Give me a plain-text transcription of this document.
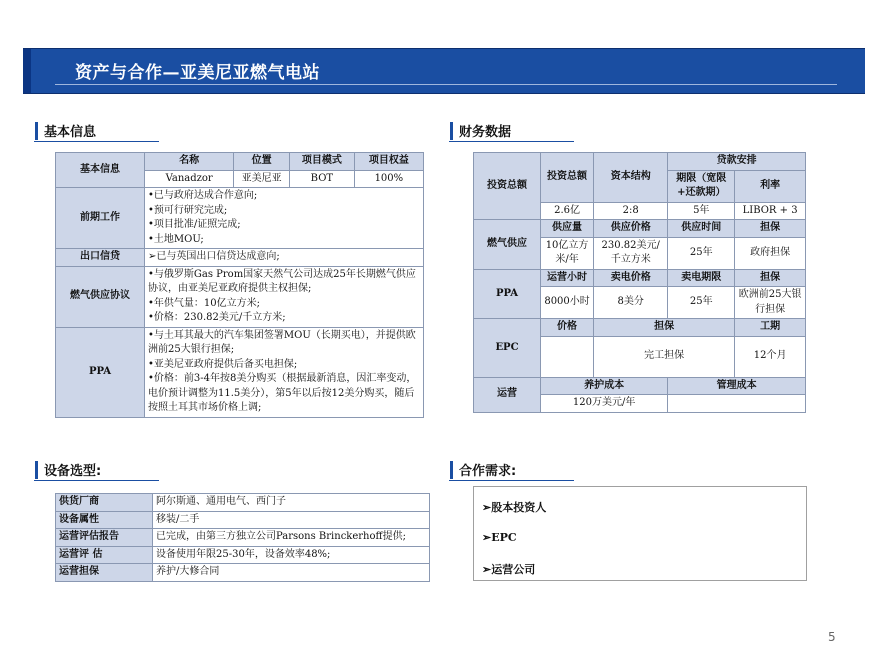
资产与合作—亚美尼亚燃气电站
基本信息	财务数据
设备选型:	合作需求:
基本信息	名称	位置	项目模式	项目权益
	Vanadzor	亚美尼亚	BOT	100%
前期工作	•已与政府达成合作意向;
•预可行研究完成;
•项目批准/证照完成;
•土地MOU;			

出口信贷	➢已与英国出口信贷达成意向;			
燃气供应协议	•与俄罗斯Gas Prom国家天然气公司达成25年长期燃气供应协议，由亚美尼亚政府提供主权担保;
•年供气量：10亿立方米;
•价格：230.82美元/千立方米;			

PPA	•与土耳其最大的汽车集团签署MOU（长期买电），并提供欧洲前25大银行担保;
•亚美尼亚政府提供后备买电担保;
•价格：前3-4年按8美分购买（根据最新消息，因汇率变动，电价预计调整为11.5美分），第5年以后按12美分购买，随后按照土耳其市场价格上调;			
投资总额	投资总额	资本结构	贷款安排	
			期限（宽限+还款期）	利率
	2.6亿	2:8	5年	LIBOR + 3
燃气供应	供应量	供应价格	供应时间	担保
	10亿立方米/年	230.82美元/千立方米	25年	政府担保
PPA	运营小时	卖电价格	卖电期限	担保
	8000小时	8美分	25年	欧洲前25大银行担保
EPC	价格	担保		工期
		完工担保		12个月
运营	养护成本		管理成本	
	120万美元/年			
供货厂商	阿尔斯通、通用电气、西门子
设备属性	移装/二手
运营评估报告	已完成，由第三方独立公司Parsons Brinckerhoff提供;
运营评 估	设备使用年限25-30年，设备效率48%;
运营担保	养护/大修合同
➢股本投资人
➢EPC
➢运营公司
5
